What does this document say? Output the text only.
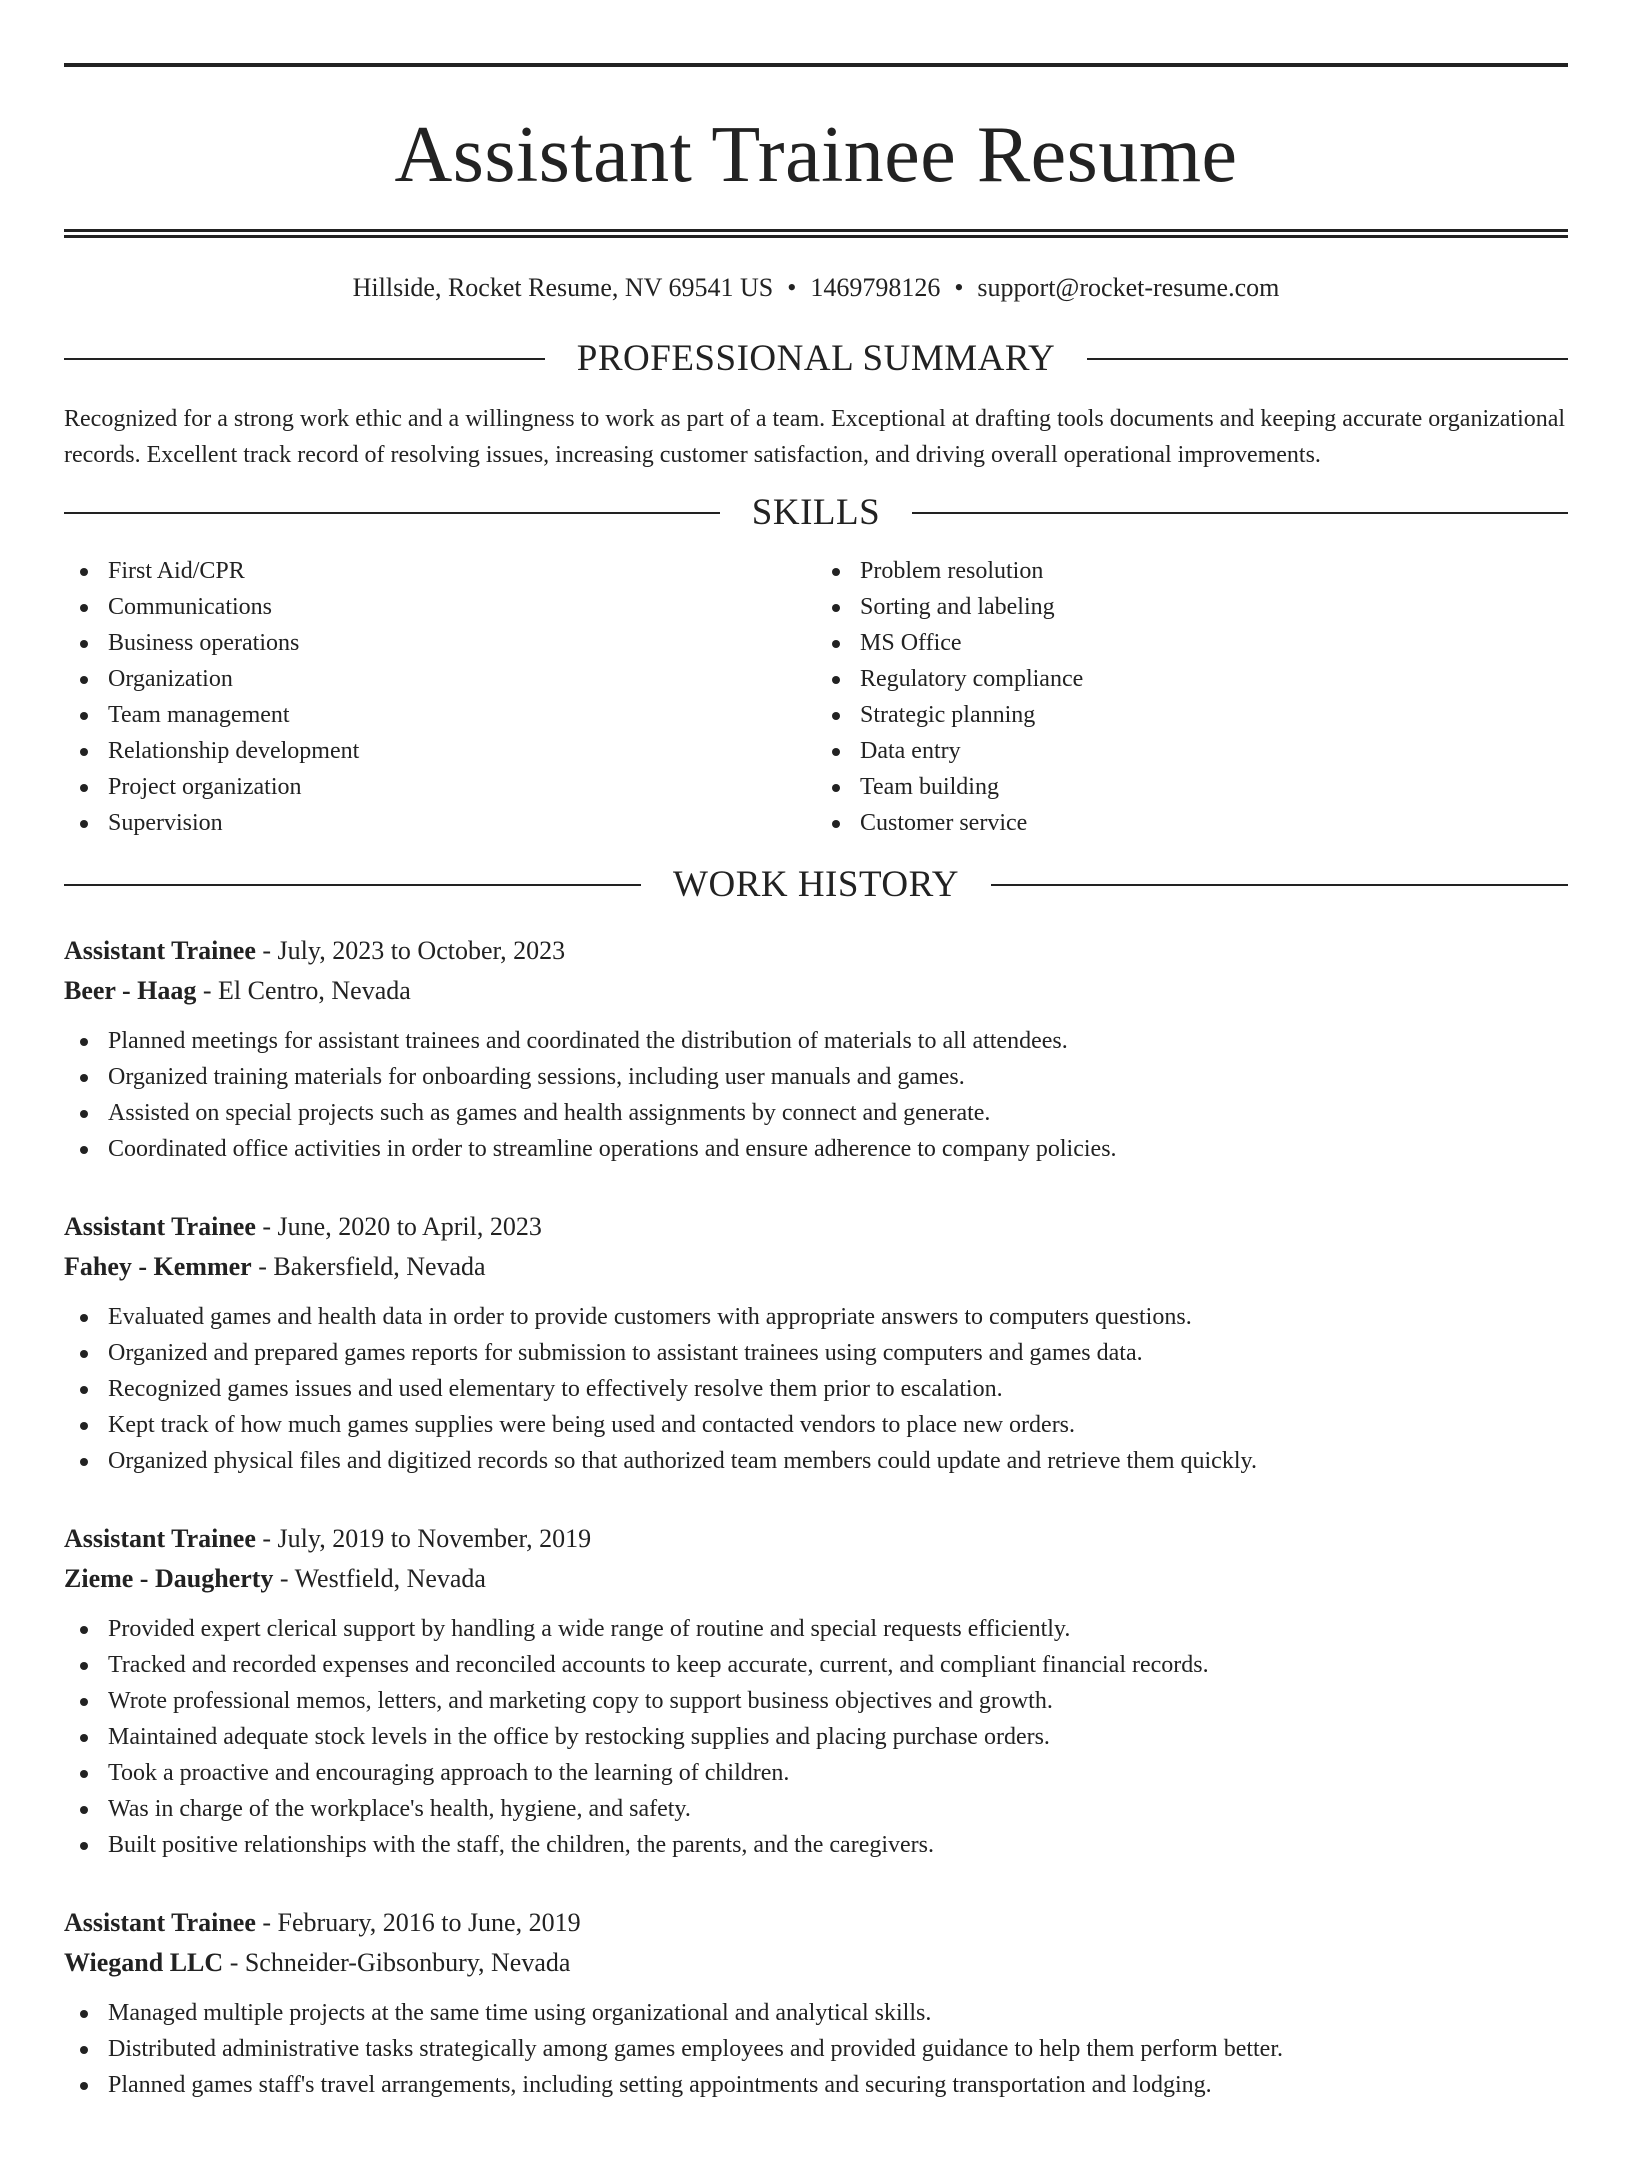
Assistant Trainee Resume
Hillside, Rocket Resume, NV 69541 US • 1469798126 • support@rocket-resume.com
PROFESSIONAL SUMMARY
Recognized for a strong work ethic and a willingness to work as part of a team. Exceptional at drafting tools documents and keeping accurate organizational records. Excellent track record of resolving issues, increasing customer satisfaction, and driving overall operational improvements.
SKILLS
First Aid/CPR
Communications
Business operations
Organization
Team management
Relationship development
Project organization
Supervision
Problem resolution
Sorting and labeling
MS Office
Regulatory compliance
Strategic planning
Data entry
Team building
Customer service
WORK HISTORY
Assistant Trainee - July, 2023 to October, 2023
Beer - Haag - El Centro, Nevada
Planned meetings for assistant trainees and coordinated the distribution of materials to all attendees.
Organized training materials for onboarding sessions, including user manuals and games.
Assisted on special projects such as games and health assignments by connect and generate.
Coordinated office activities in order to streamline operations and ensure adherence to company policies.
Assistant Trainee - June, 2020 to April, 2023
Fahey - Kemmer - Bakersfield, Nevada
Evaluated games and health data in order to provide customers with appropriate answers to computers questions.
Organized and prepared games reports for submission to assistant trainees using computers and games data.
Recognized games issues and used elementary to effectively resolve them prior to escalation.
Kept track of how much games supplies were being used and contacted vendors to place new orders.
Organized physical files and digitized records so that authorized team members could update and retrieve them quickly.
Assistant Trainee - July, 2019 to November, 2019
Zieme - Daugherty - Westfield, Nevada
Provided expert clerical support by handling a wide range of routine and special requests efficiently.
Tracked and recorded expenses and reconciled accounts to keep accurate, current, and compliant financial records.
Wrote professional memos, letters, and marketing copy to support business objectives and growth.
Maintained adequate stock levels in the office by restocking supplies and placing purchase orders.
Took a proactive and encouraging approach to the learning of children.
Was in charge of the workplace's health, hygiene, and safety.
Built positive relationships with the staff, the children, the parents, and the caregivers.
Assistant Trainee - February, 2016 to June, 2019
Wiegand LLC - Schneider-Gibsonbury, Nevada
Managed multiple projects at the same time using organizational and analytical skills.
Distributed administrative tasks strategically among games employees and provided guidance to help them perform better.
Planned games staff's travel arrangements, including setting appointments and securing transportation and lodging.
